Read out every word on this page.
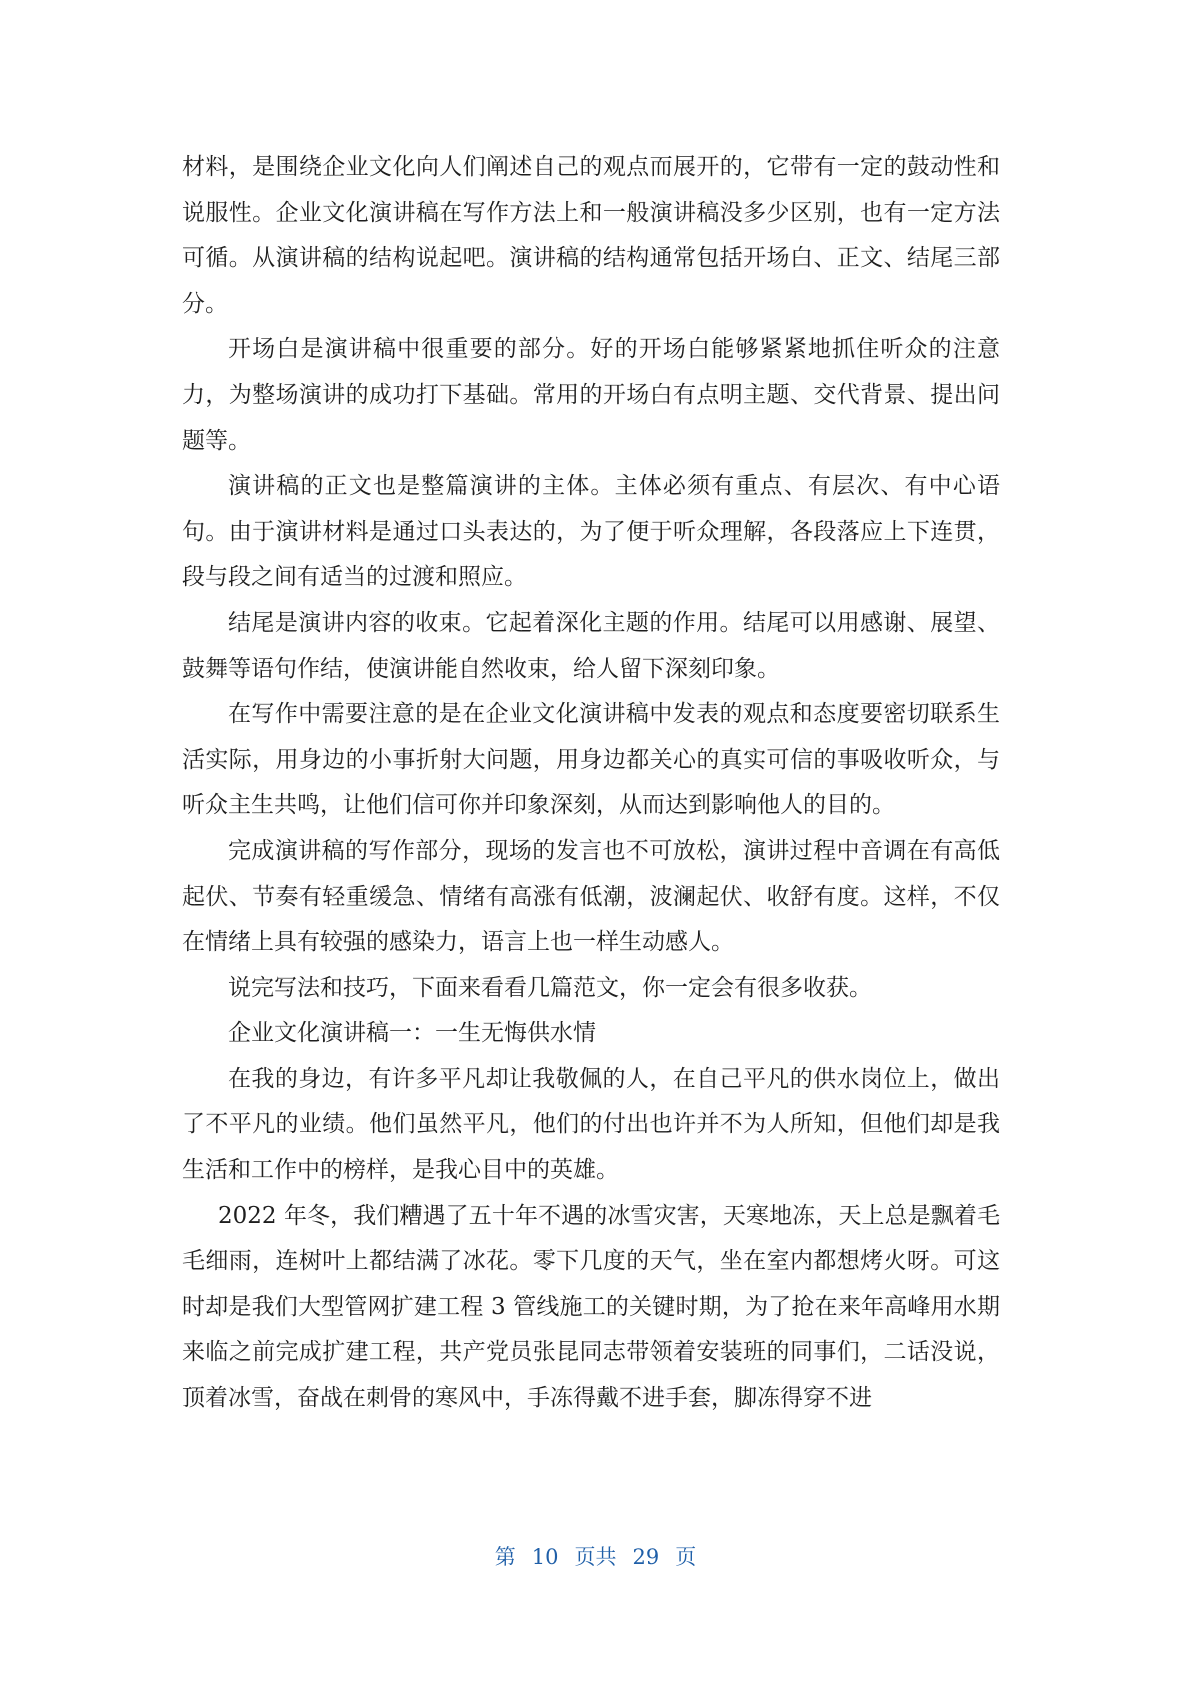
材料，是围绕企业文化向人们阐述自己的观点而展开的，它带有一定的鼓动性和说服性。企业文化演讲稿在写作方法上和一般演讲稿没多少区别，也有一定方法可循。从演讲稿的结构说起吧。演讲稿的结构通常包括开场白、正文、结尾三部分。

开场白是演讲稿中很重要的部分。好的开场白能够紧紧地抓住听众的注意力，为整场演讲的成功打下基础。常用的开场白有点明主题、交代背景、提出问题等。

演讲稿的正文也是整篇演讲的主体。主体必须有重点、有层次、有中心语句。由于演讲材料是通过口头表达的，为了便于听众理解，各段落应上下连贯，段与段之间有适当的过渡和照应。

结尾是演讲内容的收束。它起着深化主题的作用。结尾可以用感谢、展望、鼓舞等语句作结，使演讲能自然收束，给人留下深刻印象。

在写作中需要注意的是在企业文化演讲稿中发表的观点和态度要密切联系生活实际，用身边的小事折射大问题，用身边都关心的真实可信的事吸收听众，与听众主生共鸣，让他们信可你并印象深刻，从而达到影响他人的目的。

完成演讲稿的写作部分，现场的发言也不可放松，演讲过程中音调在有高低起伏、节奏有轻重缓急、情绪有高涨有低潮，波澜起伏、收舒有度。这样，不仅在情绪上具有较强的感染力，语言上也一样生动感人。

说完写法和技巧，下面来看看几篇范文，你一定会有很多收获。

企业文化演讲稿一：一生无悔供水情

在我的身边，有许多平凡却让我敬佩的人，在自己平凡的供水岗位上，做出了不平凡的业绩。他们虽然平凡，他们的付出也许并不为人所知，但他们却是我生活和工作中的榜样，是我心目中的英雄。

2022 年冬，我们糟遇了五十年不遇的冰雪灾害，天寒地冻，天上总是飘着毛毛细雨，连树叶上都结满了冰花。零下几度的天气，坐在室内都想烤火呀。可这时却是我们大型管网扩建工程 3 管线施工的关键时期，为了抢在来年高峰用水期来临之前完成扩建工程，共产党员张昆同志带领着安装班的同事们，二话没说，顶着冰雪，奋战在刺骨的寒风中，手冻得戴不进手套，脚冻得穿不进

第 10 页共 29 页
